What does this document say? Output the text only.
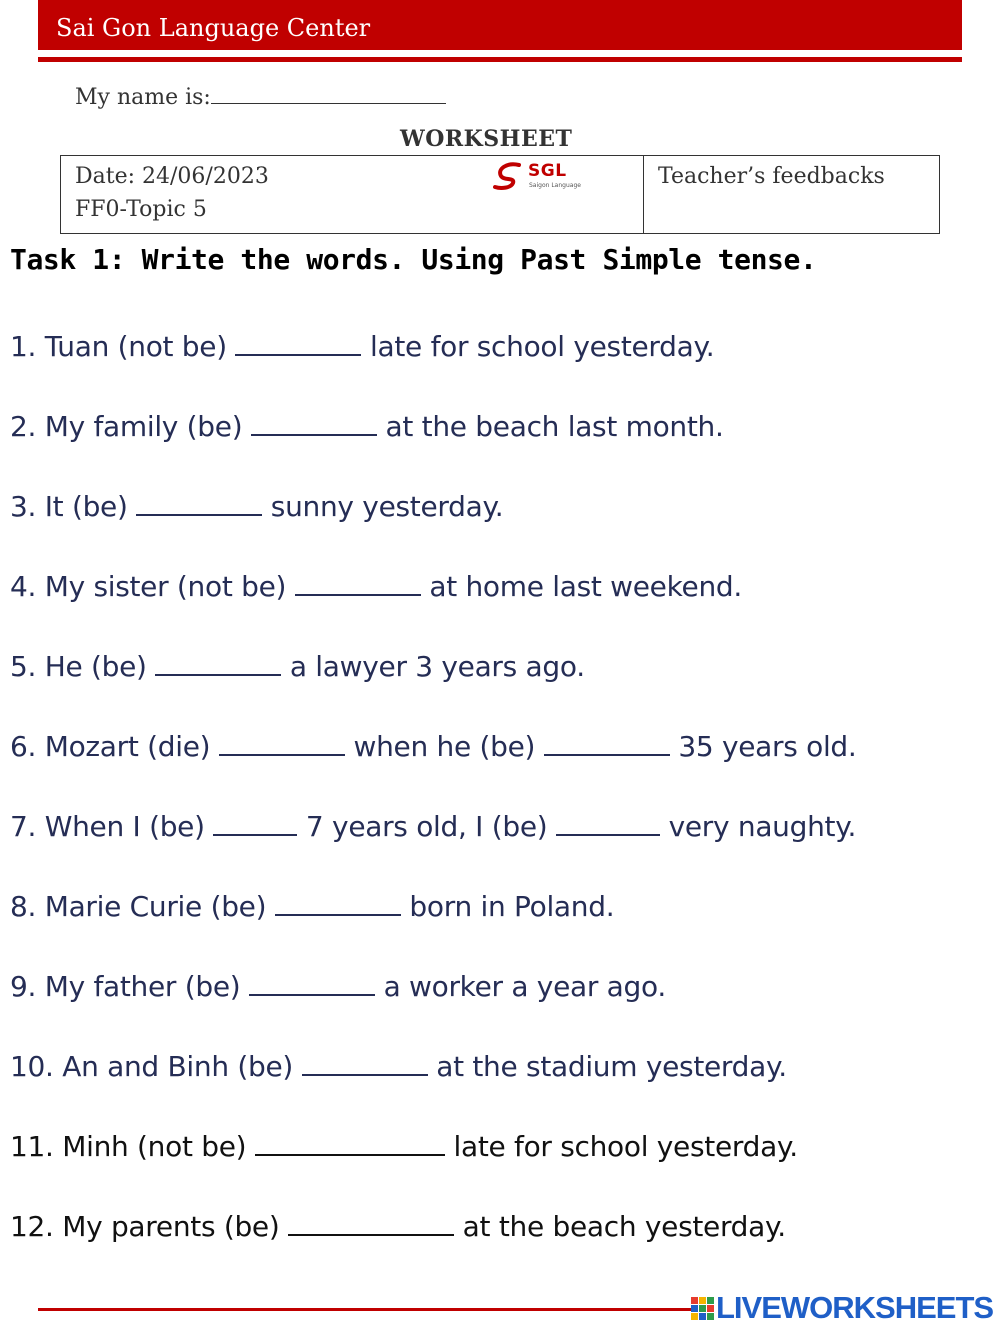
Sai Gon Language Center
My name is:
WORKSHEET
Date: 24/06/2023
FF0-Topic 5
SGL
Saigon Language	Teacher’s feedbacks
Task 1: Write the words. Using Past Simple tense.
1. Tuan (not be)	late for school yesterday.
2. My family (be)	at the beach last month.
3. It (be)	sunny yesterday.
4. My sister (not be)	at home last weekend.
5. He (be)	a lawyer 3 years ago.
6. Mozart (die)	when he (be)	35 years old.
7. When I (be)	7 years old, I (be)	very naughty.
8. Marie Curie (be)	born in Poland.
9. My father (be)	a worker a year ago.
10. An and Binh (be)	at the stadium yesterday.
11. Minh (not be)	late for school yesterday.
12. My parents (be)	at the beach yesterday.
LIVEWORKSHEETS
